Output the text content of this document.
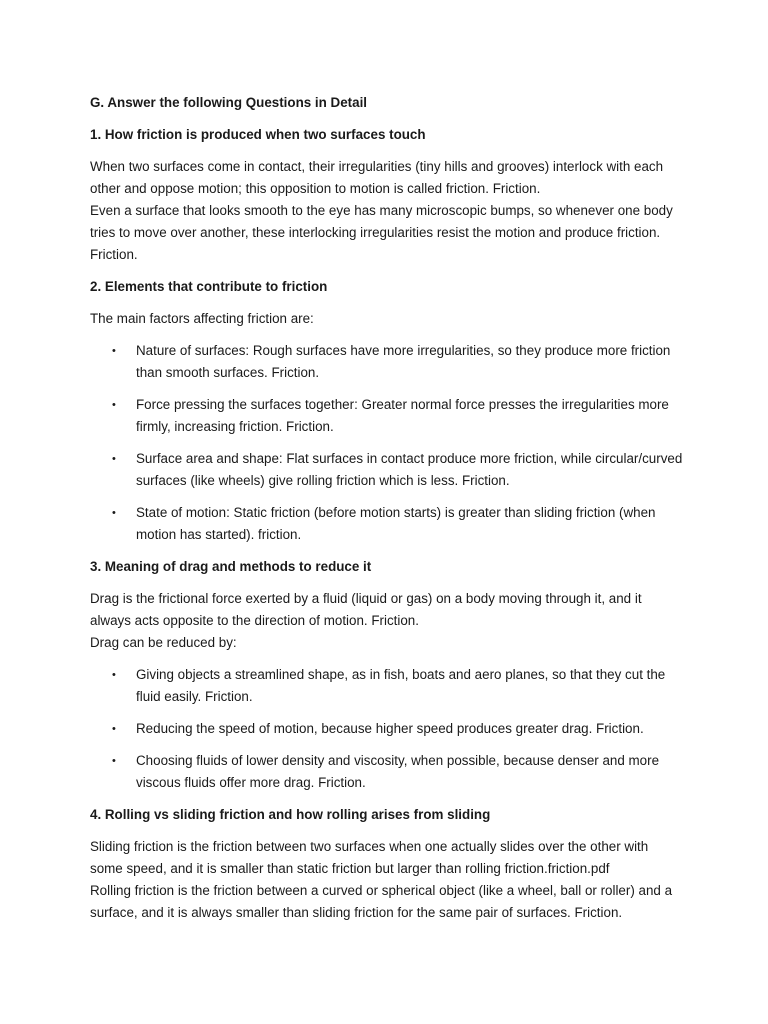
G. Answer the following Questions in Detail
1. How friction is produced when two surfaces touch

When two surfaces come in contact, their irregularities (tiny hills and grooves) interlock with each other and oppose motion; this opposition to motion is called friction. Friction.

Even a surface that looks smooth to the eye has many microscopic bumps, so whenever one body tries to move over another, these interlocking irregularities resist the motion and produce friction. Friction.

2. Elements that contribute to friction

The main factors affecting friction are:

• Nature of surfaces: Rough surfaces have more irregularities, so they produce more friction than smooth surfaces. Friction.
• Force pressing the surfaces together: Greater normal force presses the irregularities more firmly, increasing friction. Friction.
• Surface area and shape: Flat surfaces in contact produce more friction, while circular/curved surfaces (like wheels) give rolling friction which is less. Friction.
• State of motion: Static friction (before motion starts) is greater than sliding friction (when motion has started). friction.
3. Meaning of drag and methods to reduce it

Drag is the frictional force exerted by a fluid (liquid or gas) on a body moving through it, and it always acts opposite to the direction of motion. Friction.

Drag can be reduced by:

• Giving objects a streamlined shape, as in fish, boats and aero planes, so that they cut the fluid easily. Friction.
• Reducing the speed of motion, because higher speed produces greater drag. Friction.
• Choosing fluids of lower density and viscosity, when possible, because denser and more viscous fluids offer more drag. Friction.
4. Rolling vs sliding friction and how rolling arises from sliding

Sliding friction is the friction between two surfaces when one actually slides over the other with some speed, and it is smaller than static friction but larger than rolling friction.friction.pdf

Rolling friction is the friction between a curved or spherical object (like a wheel, ball or roller) and a surface, and it is always smaller than sliding friction for the same pair of surfaces. Friction.
